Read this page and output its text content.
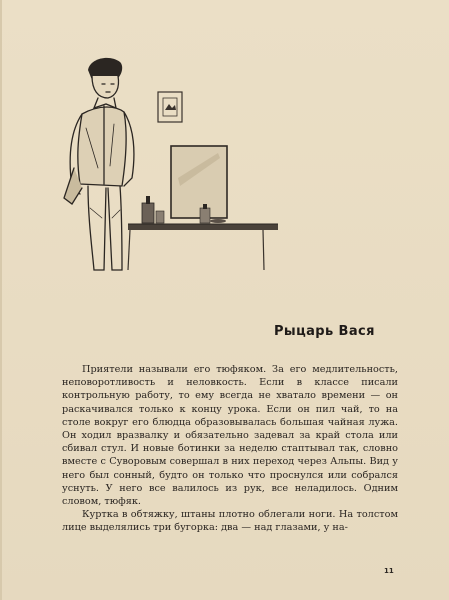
Рыцарь Вася

Приятели называли его тюфяком. За его медлительность, неповоротливость и неловкость. Если в классе писали контрольную работу, то ему всегда не хватало времени — он раскачивался только к концу урока. Если он пил чай, то на столе вокруг его блюдца образовывалась большая чайная лужа. Он ходил вразвалку и обязательно задевал за край стола или сбивал стул. И новые ботинки за неделю стаптывал так, словно вместе с Суворовым совершал в них переход через Альпы. Вид у него был сонный, будто он только что проснулся или собрался уснуть. У него все валилось из рук, все неладилось. Одним словом, тюфяк.

Куртка в обтяжку, штаны плотно облегали ноги. На толстом лице выделялись три бугорка: два — над глазами, у на-

11
